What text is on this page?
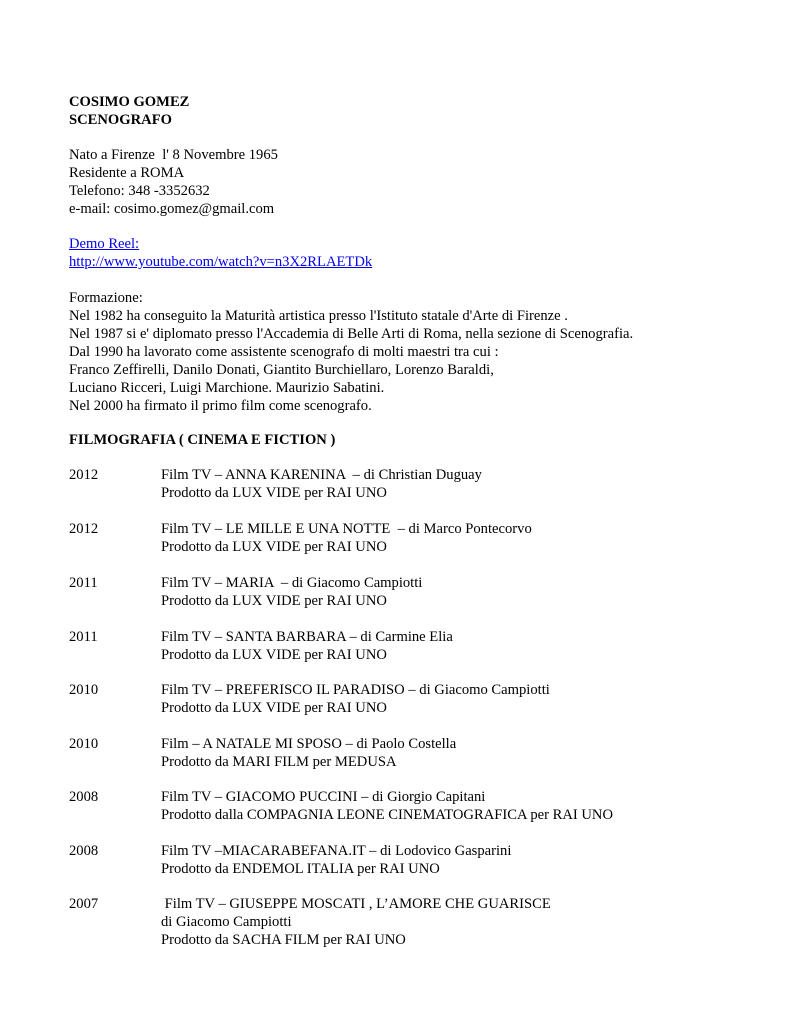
COSIMO GOMEZ
SCENOGRAFO
Nato a Firenze  l' 8 Novembre 1965
Residente a ROMA
Telefono: 348 -3352632
e-mail: cosimo.gomez@gmail.com
Demo Reel:
http://www.youtube.com/watch?v=n3X2RLAETDk
Formazione:
Nel 1982 ha conseguito la Maturità artistica presso l'Istituto statale d'Arte di Firenze .
Nel 1987 si e' diplomato presso l'Accademia di Belle Arti di Roma, nella sezione di Scenografia.
Dal 1990 ha lavorato come assistente scenografo di molti maestri tra cui :
Franco Zeffirelli, Danilo Donati, Giantito Burchiellaro, Lorenzo Baraldi,
Luciano Ricceri, Luigi Marchione. Maurizio Sabatini.
Nel 2000 ha firmato il primo film come scenografo.
FILMOGRAFIA ( CINEMA E FICTION )
2012	Film TV – ANNA KARENINA  – di Christian Duguay
Prodotto da LUX VIDE per RAI UNO
2012	Film TV – LE MILLE E UNA NOTTE  – di Marco Pontecorvo
Prodotto da LUX VIDE per RAI UNO
2011	Film TV – MARIA  – di Giacomo Campiotti
Prodotto da LUX VIDE per RAI UNO
2011	Film TV – SANTA BARBARA – di Carmine Elia
Prodotto da LUX VIDE per RAI UNO
2010	Film TV – PREFERISCO IL PARADISO – di Giacomo Campiotti
Prodotto da LUX VIDE per RAI UNO
2010	Film – A NATALE MI SPOSO – di Paolo Costella
Prodotto da MARI FILM per MEDUSA
2008	Film TV – GIACOMO PUCCINI – di Giorgio Capitani
Prodotto dalla COMPAGNIA LEONE CINEMATOGRAFICA per RAI UNO
2008	Film TV –MIACARABEFANA.IT – di Lodovico Gasparini
Prodotto da ENDEMOL ITALIA per RAI UNO
2007	Film TV – GIUSEPPE MOSCATI , L’AMORE CHE GUARISCE
di Giacomo Campiotti
Prodotto da SACHA FILM per RAI UNO
